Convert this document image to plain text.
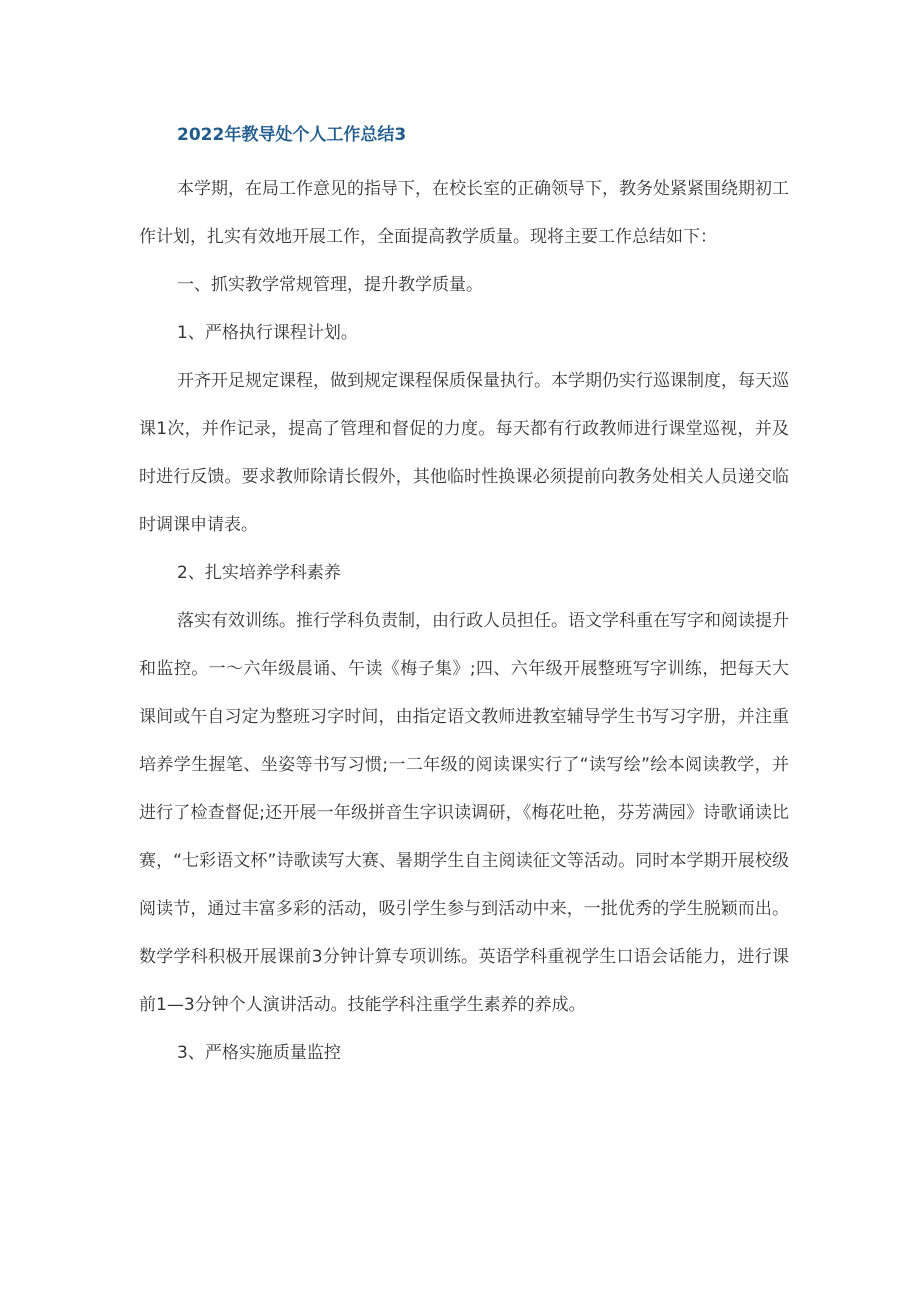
2022年教导处个人工作总结3

本学期，在局工作意见的指导下，在校长室的正确领导下，教务处紧紧围绕期初工作计划，扎实有效地开展工作，全面提高教学质量。现将主要工作总结如下：

一、抓实教学常规管理，提升教学质量。

1、严格执行课程计划。

开齐开足规定课程，做到规定课程保质保量执行。本学期仍实行巡课制度，每天巡课1次，并作记录，提高了管理和督促的力度。每天都有行政教师进行课堂巡视，并及时进行反馈。要求教师除请长假外，其他临时性换课必须提前向教务处相关人员递交临时调课申请表。

2、扎实培养学科素养

落实有效训练。推行学科负责制，由行政人员担任。语文学科重在写字和阅读提升和监控。一～六年级晨诵、午读《梅子集》;四、六年级开展整班写字训练，把每天大课间或午自习定为整班习字时间，由指定语文教师进教室辅导学生书写习字册，并注重培养学生握笔、坐姿等书写习惯;一二年级的阅读课实行了“读写绘”绘本阅读教学，并进行了检查督促;还开展一年级拼音生字识读调研，《梅花吐艳，芬芳满园》诗歌诵读比赛，“七彩语文杯”诗歌读写大赛、暑期学生自主阅读征文等活动。同时本学期开展校级阅读节，通过丰富多彩的活动，吸引学生参与到活动中来，一批优秀的学生脱颖而出。数学学科积极开展课前3分钟计算专项训练。英语学科重视学生口语会话能力，进行课前1—3分钟个人演讲活动。技能学科注重学生素养的养成。

3、严格实施质量监控
